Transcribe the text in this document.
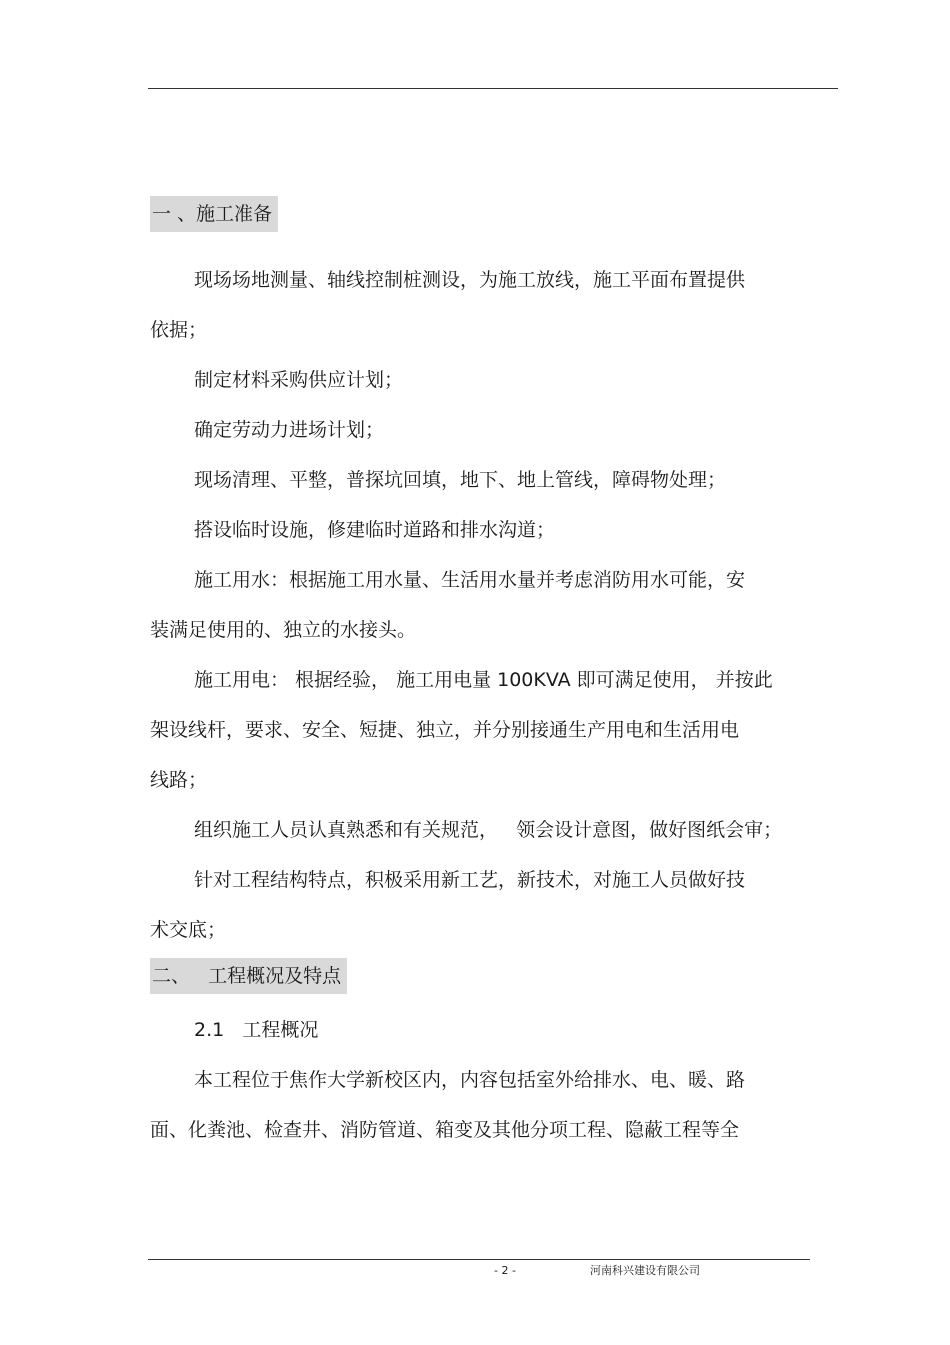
一 、施工准备
现场场地测量、轴线控制桩测设，为施工放线，施工平面布置提供
依据；
制定材料采购供应计划；
确定劳动力进场计划；
现场清理、平整，普探坑回填，地下、地上管线，障碍物处理；
搭设临时设施，修建临时道路和排水沟道；
施工用水：根据施工用水量、生活用水量并考虑消防用水可能，安
装满足使用的、独立的水接头。
施工用电： 根据经验， 施工用电量 100KVA 即可满足使用， 并按此
架设线杆，要求、安全、短捷、独立，并分别接通生产用电和生活用电
线路；
组织施工人员认真熟悉和有关规范，   领会设计意图，做好图纸会审；
针对工程结构特点，积极采用新工艺，新技术，对施工人员做好技
术交底；
二、   工程概况及特点
2.1   工程概况
本工程位于焦作大学新校区内，内容包括室外给排水、电、暖、路
面、化粪池、检查井、消防管道、箱变及其他分项工程、隐蔽工程等全
- 2 -	河南科兴建设有限公司
